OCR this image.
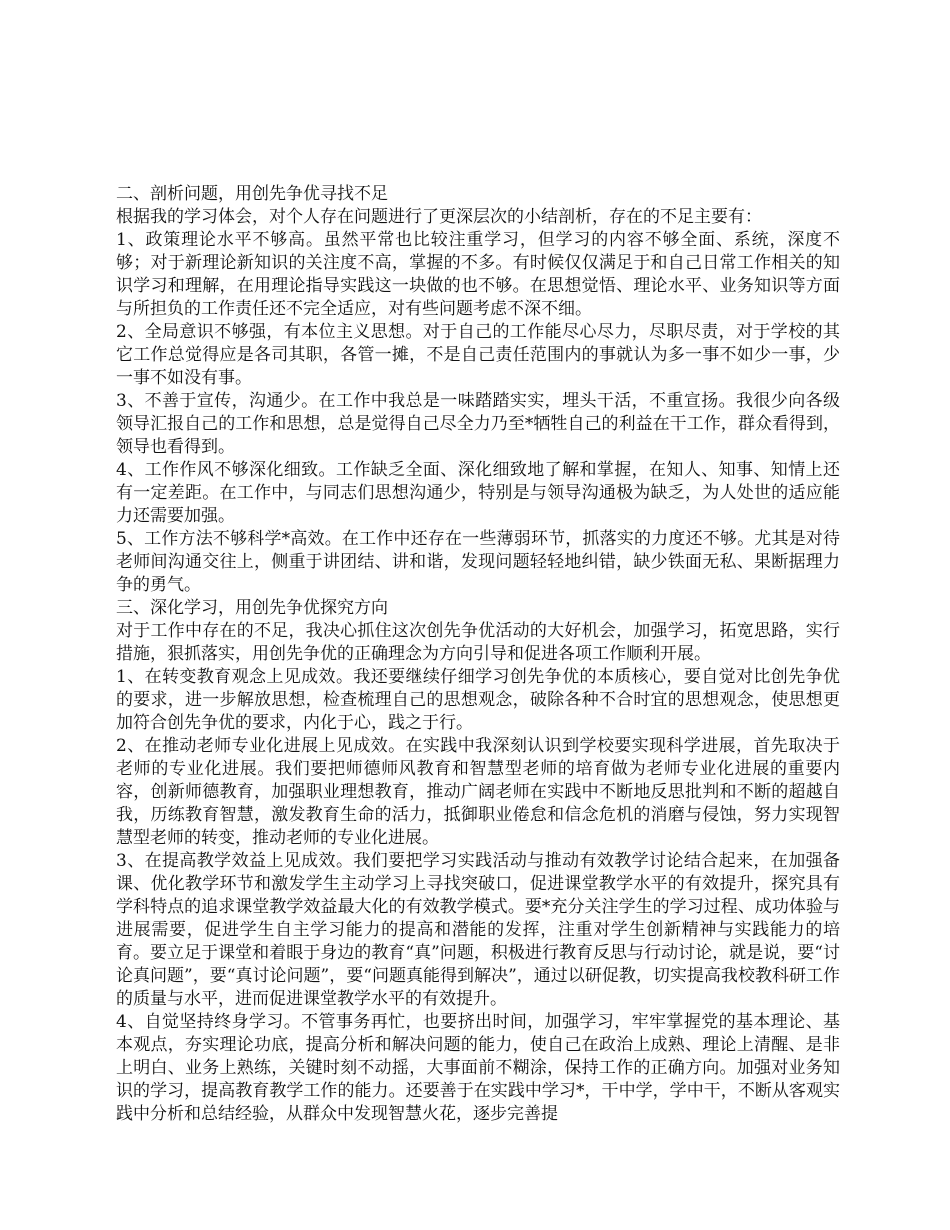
二、剖析问题，用创先争优寻找不足

根据我的学习体会，对个人存在问题进行了更深层次的小结剖析，存在的不足主要有：

1、政策理论水平不够高。虽然平常也比较注重学习，但学习的内容不够全面、系统，深度不够；对于新理论新知识的关注度不高，掌握的不多。有时候仅仅满足于和自己日常工作相关的知识学习和理解，在用理论指导实践这一块做的也不够。在思想觉悟、理论水平、业务知识等方面与所担负的工作责任还不完全适应，对有些问题考虑不深不细。

2、全局意识不够强，有本位主义思想。对于自己的工作能尽心尽力，尽职尽责，对于学校的其它工作总觉得应是各司其职，各管一摊，不是自己责任范围内的事就认为多一事不如少一事，少一事不如没有事。

3、不善于宣传，沟通少。在工作中我总是一味踏踏实实，埋头干活，不重宣扬。我很少向各级领导汇报自己的工作和思想，总是觉得自己尽全力乃至*牺牲自己的利益在干工作，群众看得到，领导也看得到。

4、工作作风不够深化细致。工作缺乏全面、深化细致地了解和掌握，在知人、知事、知情上还有一定差距。在工作中，与同志们思想沟通少，特别是与领导沟通极为缺乏，为人处世的适应能力还需要加强。

5、工作方法不够科学*高效。在工作中还存在一些薄弱环节，抓落实的力度还不够。尤其是对待老师间沟通交往上，侧重于讲团结、讲和谐，发现问题轻轻地纠错，缺少铁面无私、果断据理力争的勇气。

三、深化学习，用创先争优探究方向

对于工作中存在的不足，我决心抓住这次创先争优活动的大好机会，加强学习，拓宽思路，实行措施，狠抓落实，用创先争优的正确理念为方向引导和促进各项工作顺利开展。

1、在转变教育观念上见成效。我还要继续仔细学习创先争优的本质核心，要自觉对比创先争优的要求，进一步解放思想，检查梳理自己的思想观念，破除各种不合时宜的思想观念，使思想更加符合创先争优的要求，内化于心，践之于行。

2、在推动老师专业化进展上见成效。在实践中我深刻认识到学校要实现科学进展，首先取决于老师的专业化进展。我们要把师德师风教育和智慧型老师的培育做为老师专业化进展的重要内容，创新师德教育，加强职业理想教育，推动广阔老师在实践中不断地反思批判和不断的超越自我，历练教育智慧，激发教育生命的活力，抵御职业倦怠和信念危机的消磨与侵蚀，努力实现智慧型老师的转变，推动老师的专业化进展。

3、在提高教学效益上见成效。我们要把学习实践活动与推动有效教学讨论结合起来，在加强备课、优化教学环节和激发学生主动学习上寻找突破口，促进课堂教学水平的有效提升，探究具有学科特点的追求课堂教学效益最大化的有效教学模式。要*充分关注学生的学习过程、成功体验与进展需要，促进学生自主学习能力的提高和潜能的发挥，注重对学生创新精神与实践能力的培育。要立足于课堂和着眼于身边的教育“真”问题，积极进行教育反思与行动讨论，就是说，要“讨论真问题”，要“真讨论问题”，要“问题真能得到解决”，通过以研促教，切实提高我校教科研工作的质量与水平，进而促进课堂教学水平的有效提升。

4、自觉坚持终身学习。不管事务再忙，也要挤出时间，加强学习，牢牢掌握党的基本理论、基本观点，夯实理论功底，提高分析和解决问题的能力，使自己在政治上成熟、理论上清醒、是非上明白、业务上熟练，关键时刻不动摇，大事面前不糊涂，保持工作的正确方向。加强对业务知识的学习，提高教育教学工作的能力。还要善于在实践中学习*，干中学，学中干，不断从客观实践中分析和总结经验，从群众中发现智慧火花，逐步完善提
